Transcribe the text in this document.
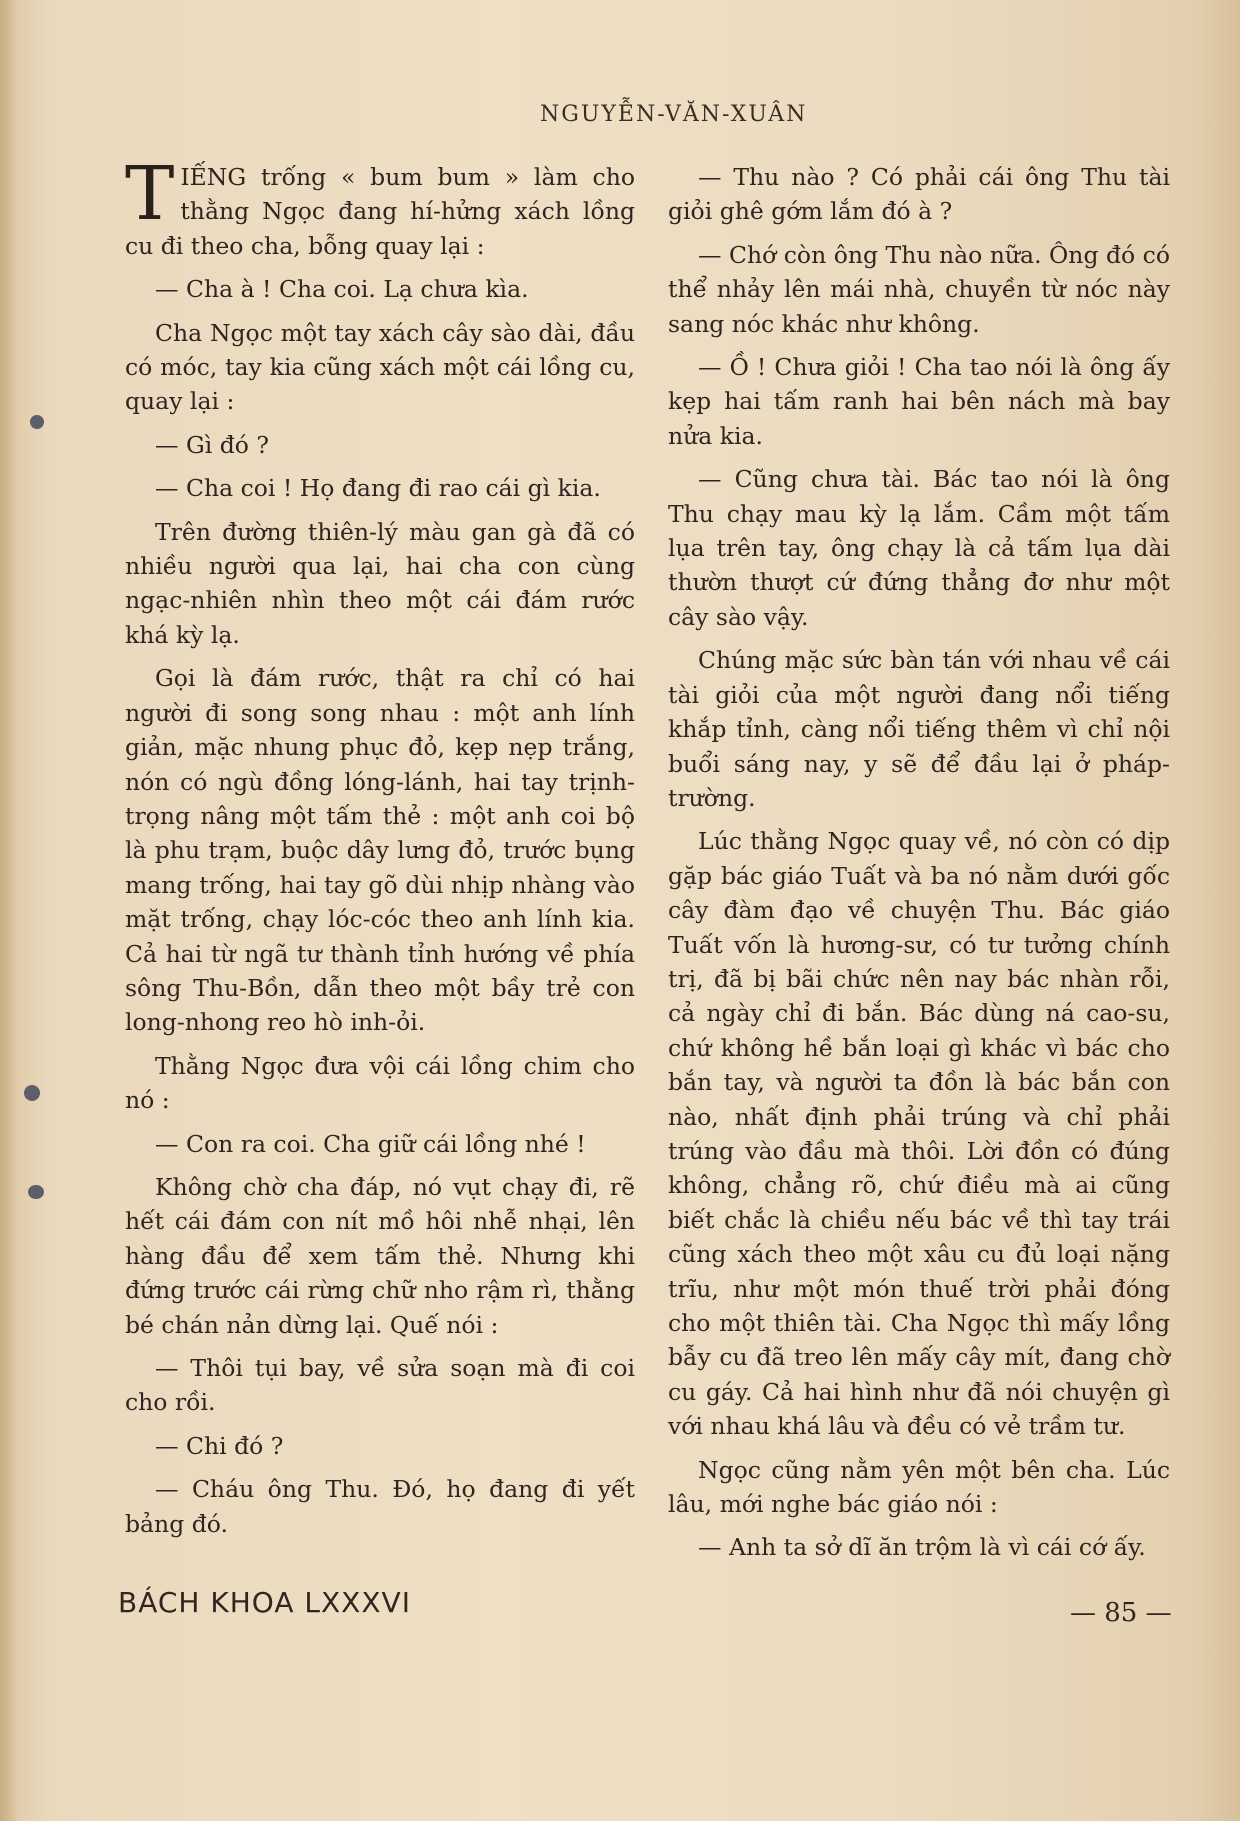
NGUYỄN-VĂN-XUÂN

TIẾNG trống « bum bum » làm cho thằng Ngọc đang hí-hửng xách lồng cu đi theo cha, bỗng quay lại :

— Cha à ! Cha coi. Lạ chưa kìa.

Cha Ngọc một tay xách cây sào dài, đầu có móc, tay kia cũng xách một cái lồng cu, quay lại :

— Gì đó ?

— Cha coi ! Họ đang đi rao cái gì kia.

Trên đường thiên-lý màu gan gà đã có nhiều người qua lại, hai cha con cùng ngạc-nhiên nhìn theo một cái đám rước khá kỳ lạ.

Gọi là đám rước, thật ra chỉ có hai người đi song song nhau : một anh lính giản, mặc nhung phục đỏ, kẹp nẹp trắng, nón có ngù đồng lóng-lánh, hai tay trịnh-trọng nâng một tấm thẻ : một anh coi bộ là phu trạm, buộc dây lưng đỏ, trước bụng mang trống, hai tay gõ dùi nhịp nhàng vào mặt trống, chạy lóc-cóc theo anh lính kia. Cả hai từ ngã tư thành tỉnh hướng về phía sông Thu-Bồn, dẫn theo một bầy trẻ con long-nhong reo hò inh-ỏi.

Thằng Ngọc đưa vội cái lồng chim cho nó :

— Con ra coi. Cha giữ cái lồng nhé !

Không chờ cha đáp, nó vụt chạy đi, rẽ hết cái đám con nít mồ hôi nhễ nhại, lên hàng đầu để xem tấm thẻ. Nhưng khi đứng trước cái rừng chữ nho rậm rì, thằng bé chán nản dừng lại. Quế nói :

— Thôi tụi bay, về sửa soạn mà đi coi cho rồi.

— Chi đó ?

— Cháu ông Thu. Đó, họ đang đi yết bảng đó.

— Thu nào ? Có phải cái ông Thu tài giỏi ghê gớm lắm đó à ?

— Chớ còn ông Thu nào nữa. Ông đó có thể nhảy lên mái nhà, chuyền từ nóc này sang nóc khác như không.

— Ồ ! Chưa giỏi ! Cha tao nói là ông ấy kẹp hai tấm ranh hai bên nách mà bay nửa kia.

— Cũng chưa tài. Bác tao nói là ông Thu chạy mau kỳ lạ lắm. Cầm một tấm lụa trên tay, ông chạy là cả tấm lụa dài thườn thượt cứ đứng thẳng đơ như một cây sào vậy.

Chúng mặc sức bàn tán với nhau về cái tài giỏi của một người đang nổi tiếng khắp tỉnh, càng nổi tiếng thêm vì chỉ nội buổi sáng nay, y sẽ để đầu lại ở pháp-trường.

Lúc thằng Ngọc quay về, nó còn có dịp gặp bác giáo Tuất và ba nó nằm dưới gốc cây đàm đạo về chuyện Thu. Bác giáo Tuất vốn là hương-sư, có tư tưởng chính trị, đã bị bãi chức nên nay bác nhàn rỗi, cả ngày chỉ đi bắn. Bác dùng ná cao-su, chứ không hề bắn loại gì khác vì bác cho bắn tay, và người ta đồn là bác bắn con nào, nhất định phải trúng và chỉ phải trúng vào đầu mà thôi. Lời đồn có đúng không, chẳng rõ, chứ điều mà ai cũng biết chắc là chiều nếu bác về thì tay trái cũng xách theo một xâu cu đủ loại nặng trĩu, như một món thuế trời phải đóng cho một thiên tài. Cha Ngọc thì mấy lồng bẫy cu đã treo lên mấy cây mít, đang chờ cu gáy. Cả hai hình như đã nói chuyện gì với nhau khá lâu và đều có vẻ trầm tư.

Ngọc cũng nằm yên một bên cha. Lúc lâu, mới nghe bác giáo nói :

— Anh ta sở dĩ ăn trộm là vì cái cớ ấy.

BÁCH KHOA LXXXVI	— 85 —
